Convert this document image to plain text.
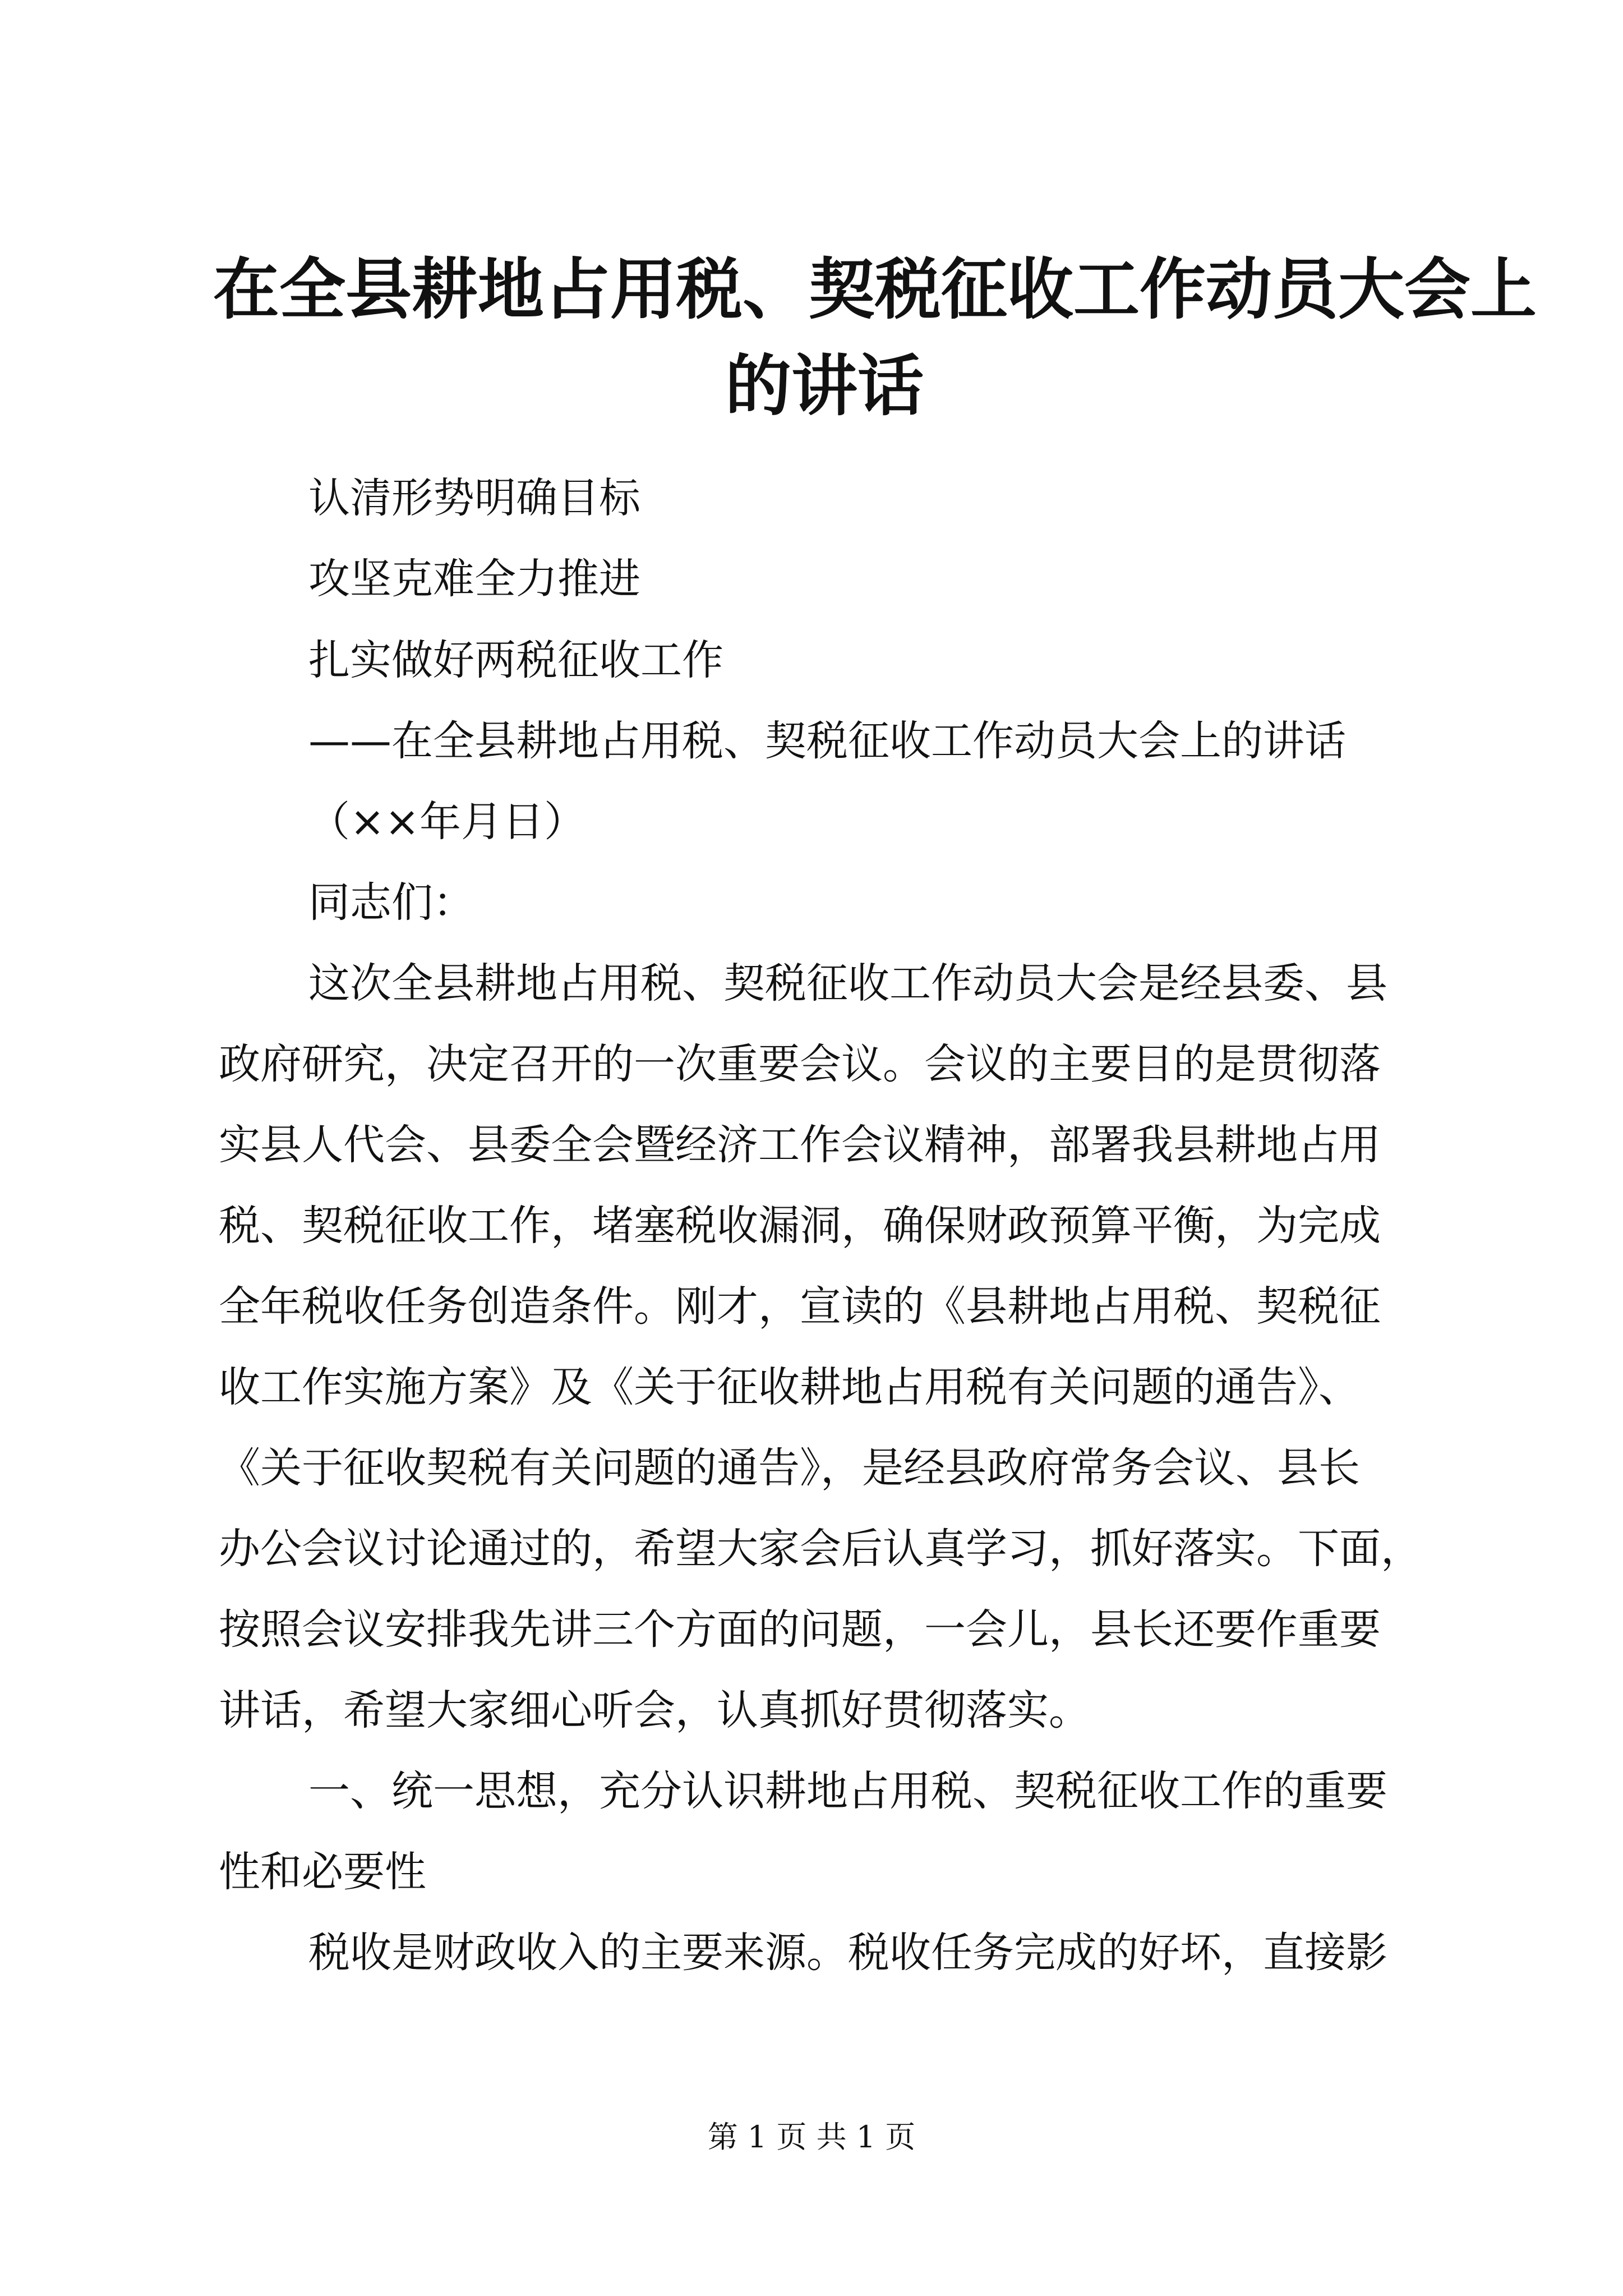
在全县耕地占用税、契税征收工作动员大会上
的讲话
认清形势明确目标
攻坚克难全力推进
扎实做好两税征收工作
——在全县耕地占用税、契税征收工作动员大会上的讲话
（××年月日）
同志们：
这次全县耕地占用税、契税征收工作动员大会是经县委、县
政府研究，决定召开的一次重要会议。会议的主要目的是贯彻落
实县人代会、县委全会暨经济工作会议精神，部署我县耕地占用
税、契税征收工作，堵塞税收漏洞，确保财政预算平衡，为完成
全年税收任务创造条件。刚才，宣读的《县耕地占用税、契税征
收工作实施方案》及《关于征收耕地占用税有关问题的通告》、
《关于征收契税有关问题的通告》，是经县政府常务会议、县长
办公会议讨论通过的，希望大家会后认真学习，抓好落实。下面，
按照会议安排我先讲三个方面的问题，一会儿，县长还要作重要
讲话，希望大家细心听会，认真抓好贯彻落实。
一、统一思想，充分认识耕地占用税、契税征收工作的重要
性和必要性
税收是财政收入的主要来源。税收任务完成的好坏，直接影
第 1 页 共 1 页
